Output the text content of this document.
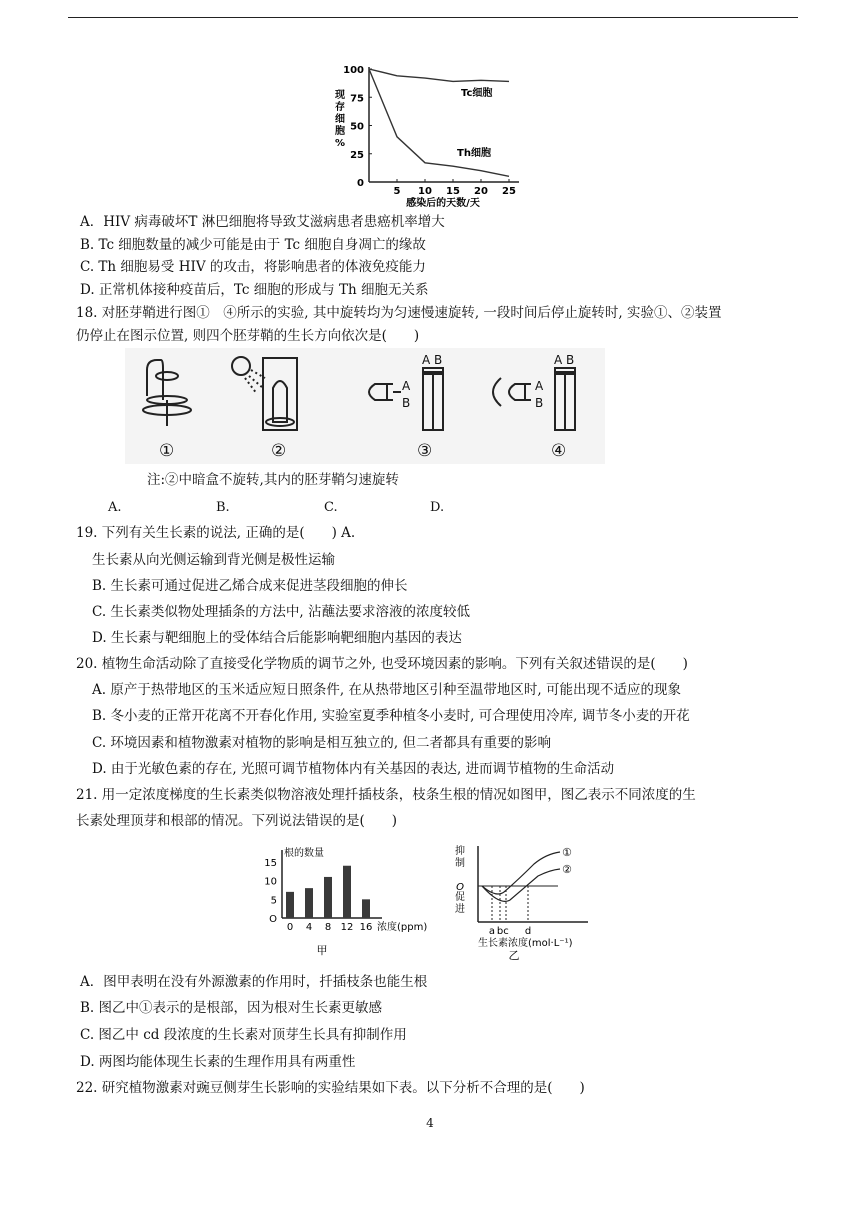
0
25
50
75
100
5 10 15 20 25
感染后的天数/天
现
存
细
胞
%
Tc细胞
Th细胞
A．HIV 病毒破坏T 淋巴细胞将导致艾滋病患者患癌机率增大
B. Tc 细胞数量的减少可能是由于 Tc 细胞自身凋亡的缘故
C. Th 细胞易受 HIV 的攻击，将影响患者的体液免疫能力
D. 正常机体接种疫苗后，Tc 细胞的形成与 Th 细胞无关系
18. 对胚芽鞘进行图①　④所示的实验, 其中旋转均为匀速慢速旋转, 一段时间后停止旋转时, 实验①、②装置
仍停止在图示位置, 则四个胚芽鞘的生长方向依次是(　　)
A
B
A B
A
B
A B
①	②	③	④
注:②中暗盒不旋转,其内的胚芽鞘匀速旋转
A.	B.	C.	D.
19. 下列有关生长素的说法, 正确的是(　　) A.
生长素从向光侧运输到背光侧是极性运输
B. 生长素可通过促进乙烯合成来促进茎段细胞的伸长
C. 生长素类似物处理插条的方法中, 沾蘸法要求溶液的浓度较低
D. 生长素与靶细胞上的受体结合后能影响靶细胞内基因的表达
20. 植物生命活动除了直接受化学物质的调节之外, 也受环境因素的影响。下列有关叙述错误的是(　　)
A. 原产于热带地区的玉米适应短日照条件, 在从热带地区引种至温带地区时, 可能出现不适应的现象
B. 冬小麦的正常开花离不开春化作用, 实验室夏季种植冬小麦时, 可合理使用冷库, 调节冬小麦的开花
C. 环境因素和植物激素对植物的影响是相互独立的, 但二者都具有重要的影响
D. 由于光敏色素的存在, 光照可调节植物体内有关基因的表达, 进而调节植物的生命活动
21. 用一定浓度梯度的生长素类似物溶液处理扦插枝条，枝条生根的情况如图甲，图乙表示不同浓度的生
长素处理顶芽和根部的情况。下列说法错误的是(　　)
O
5
10
15
根的数量
0 4 8 12 16 浓度(ppm)
甲
抑
制
O
促
进
①
②
a b c d
生长素浓度(mol·L⁻¹)
乙
A．图甲表明在没有外源激素的作用时，扦插枝条也能生根
B. 图乙中①表示的是根部，因为根对生长素更敏感
C. 图乙中 cd 段浓度的生长素对顶芽生长具有抑制作用
D. 两图均能体现生长素的生理作用具有两重性
22. 研究植物激素对豌豆侧芽生长影响的实验结果如下表。以下分析不合理的是(　　)
4
